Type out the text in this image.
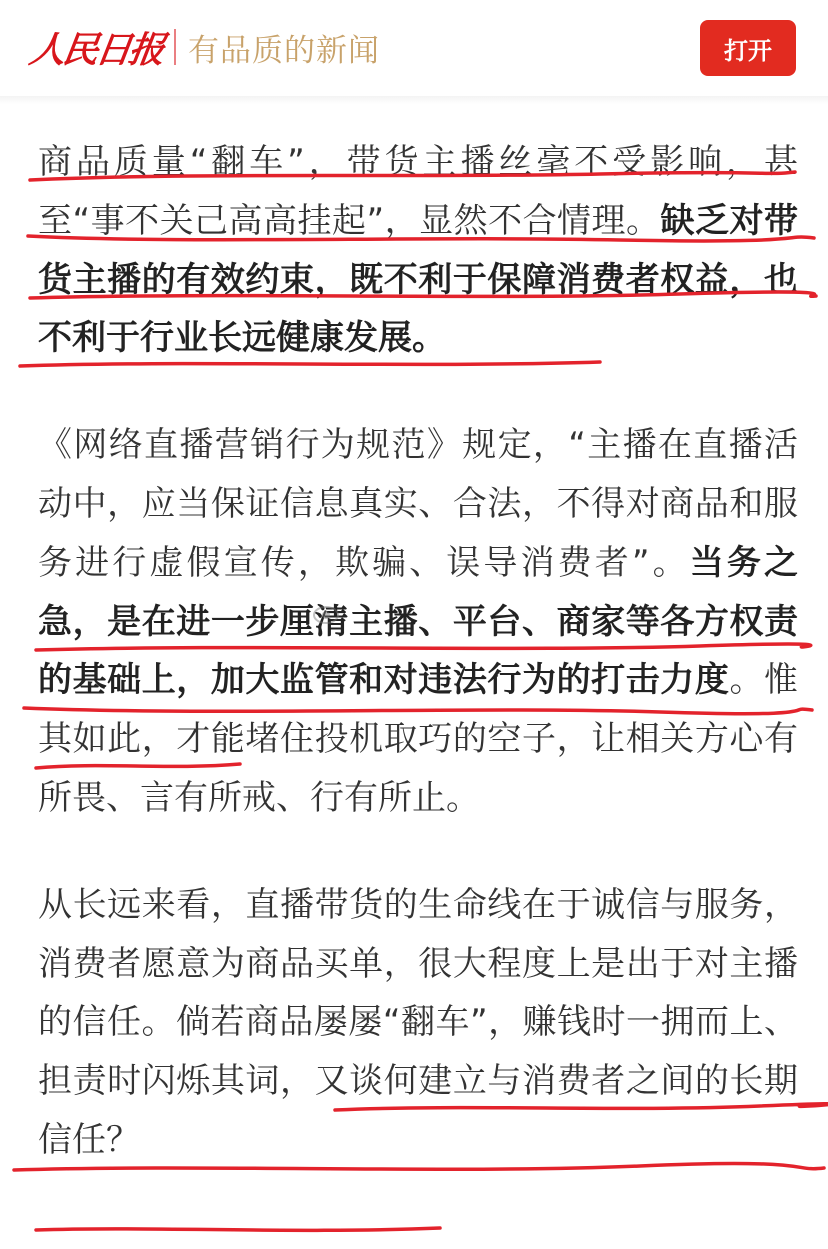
人民日报 有品质的新闻	打开

商品质量“翻车”，带货主播丝毫不受影响，甚至“事不关己高高挂起”，显然不合情理。缺乏对带货主播的有效约束，既不利于保障消费者权益，也不利于行业长远健康发展。

《网络直播营销行为规范》规定，“主播在直播活动中，应当保证信息真实、合法，不得对商品和服务进行虚假宣传，欺骗、误导消费者”。当务之急，是在进一步厘清主播、平台、商家等各方权责的基础上，加大监管和对违法行为的打击力度。惟其如此，才能堵住投机取巧的空子，让相关方心有所畏、言有所戒、行有所止。

从长远来看，直播带货的生命线在于诚信与服务，消费者愿意为商品买单，很大程度上是出于对主播的信任。倘若商品屡屡“翻车”，赚钱时一拥而上、担责时闪烁其词，又谈何建立与消费者之间的长期信任？
